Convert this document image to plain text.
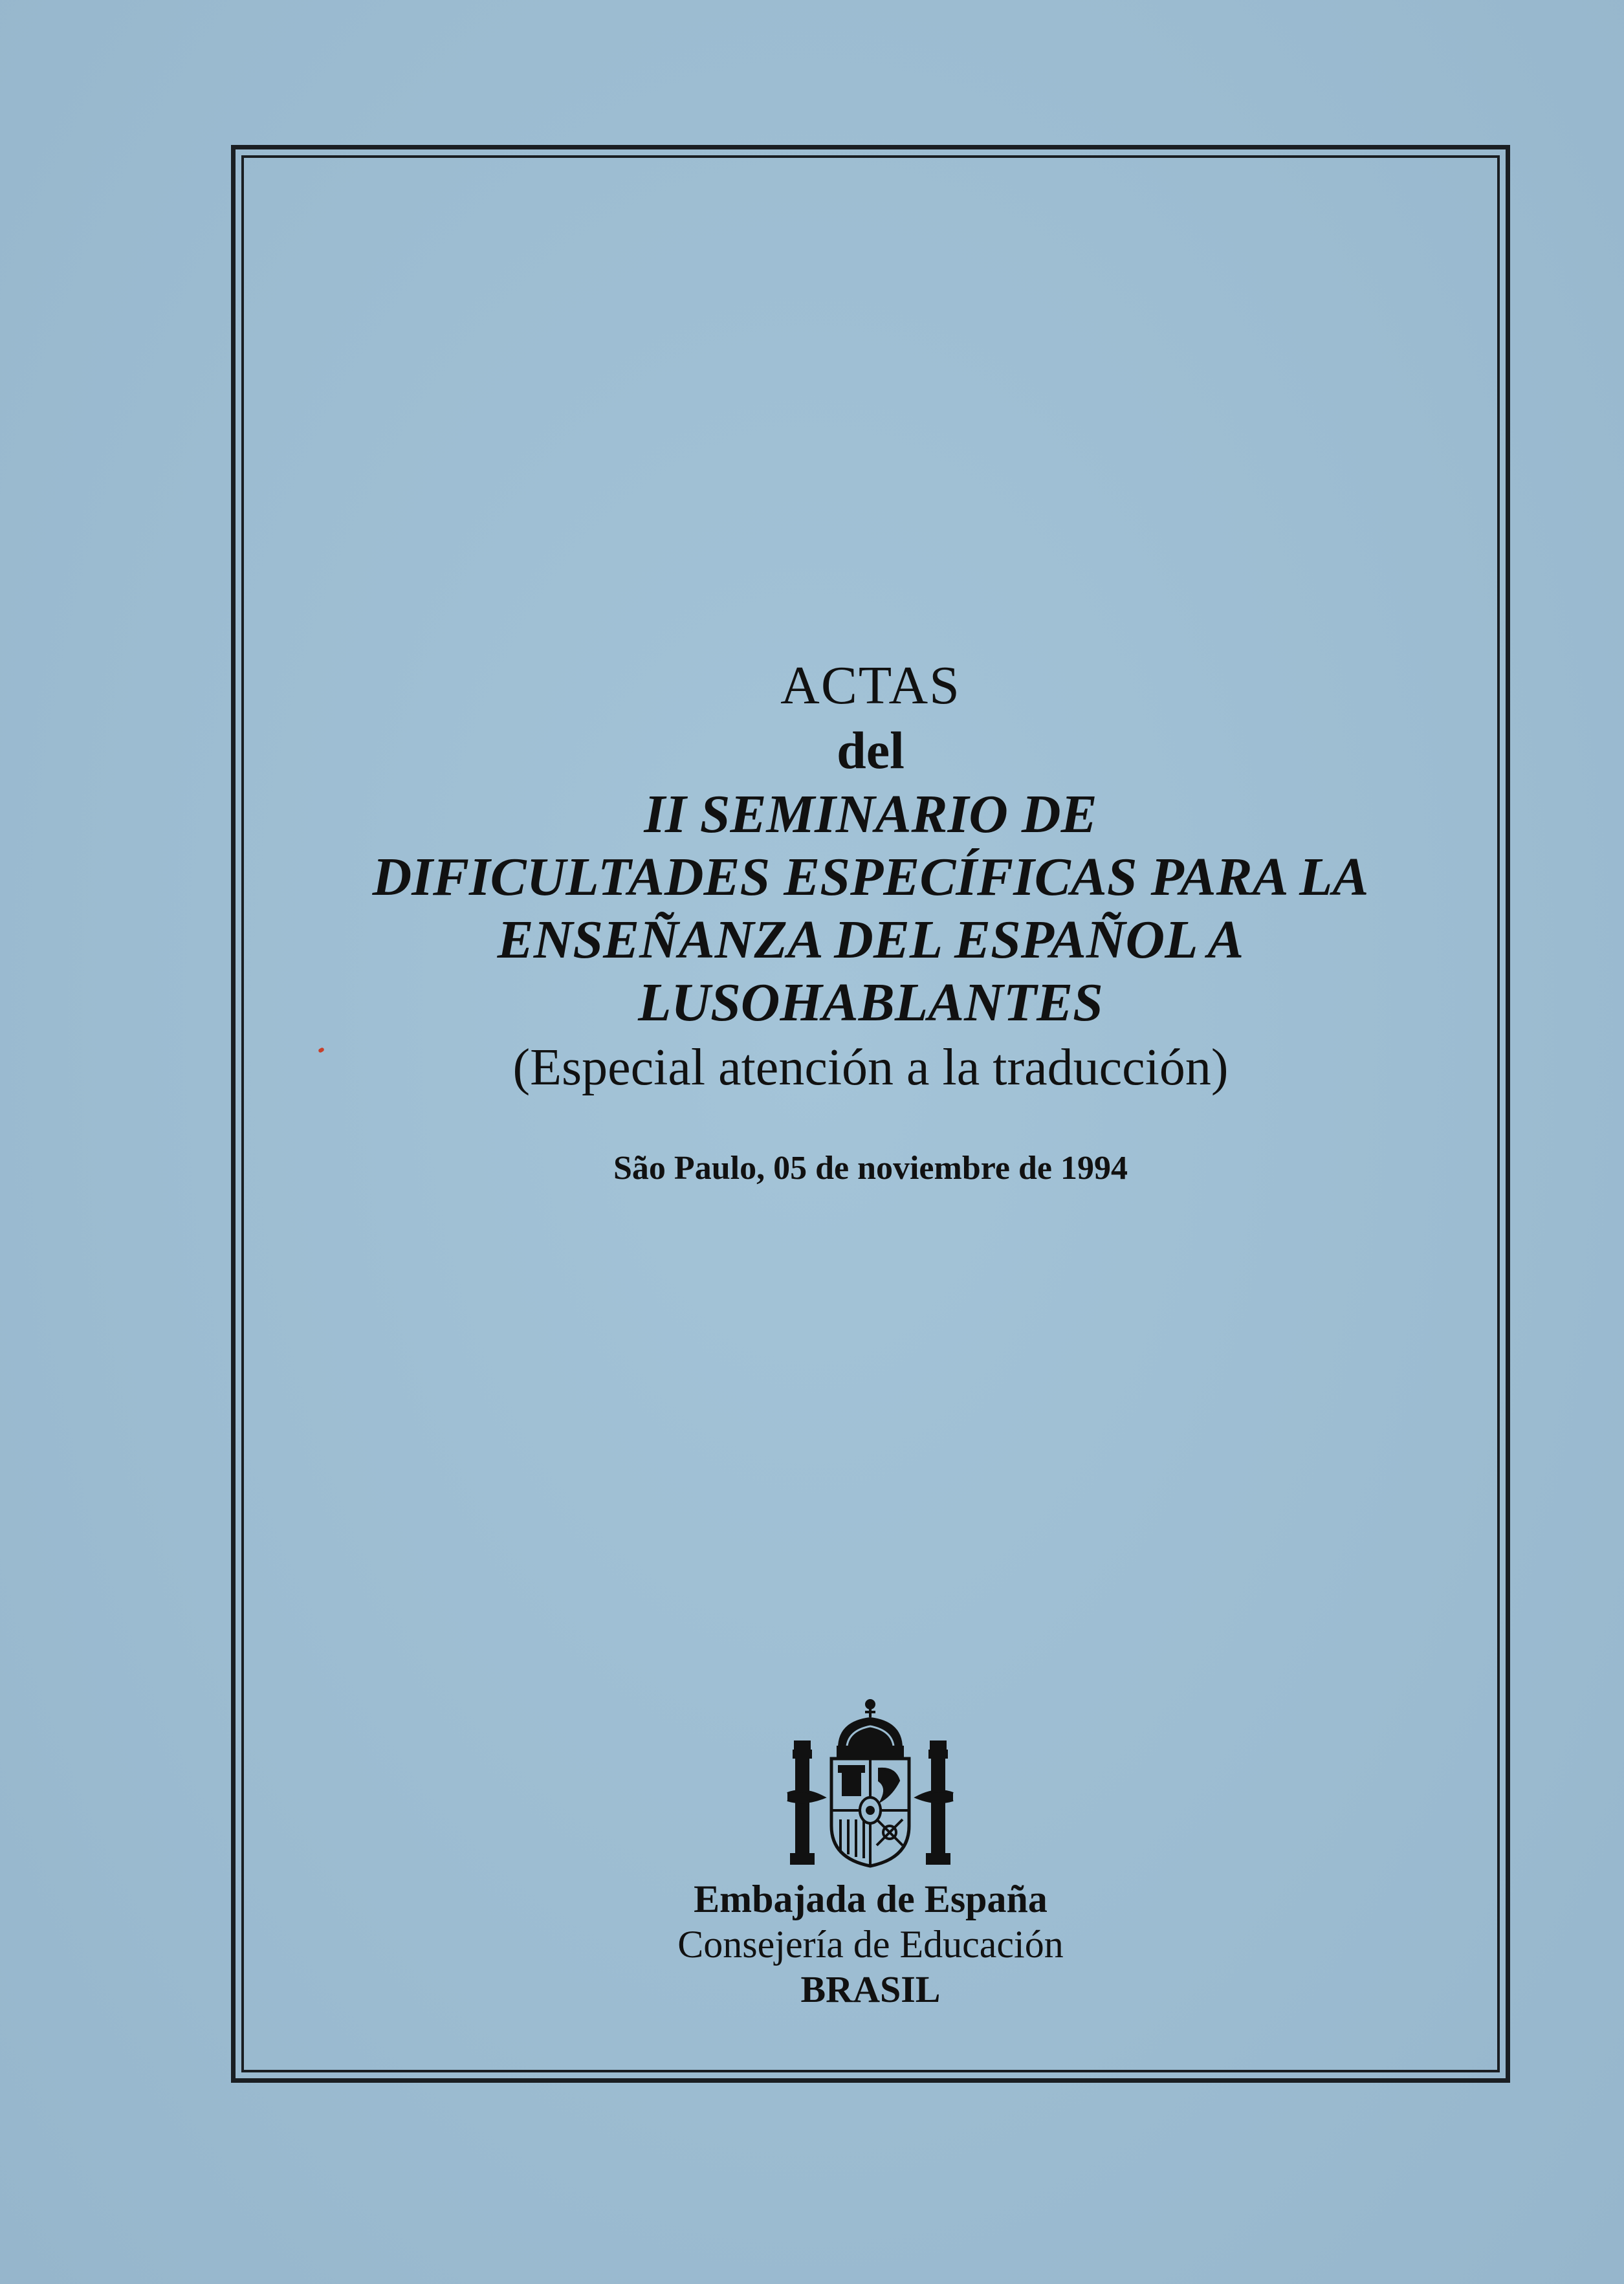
ACTAS
del
II SEMINARIO DE
DIFICULTADES ESPECÍFICAS PARA LA
ENSEÑANZA DEL ESPAÑOL A
LUSOHABLANTES
(Especial atención a la traducción)
São Paulo, 05 de noviembre de 1994
Embajada de España
Consejería de Educación
BRASIL
